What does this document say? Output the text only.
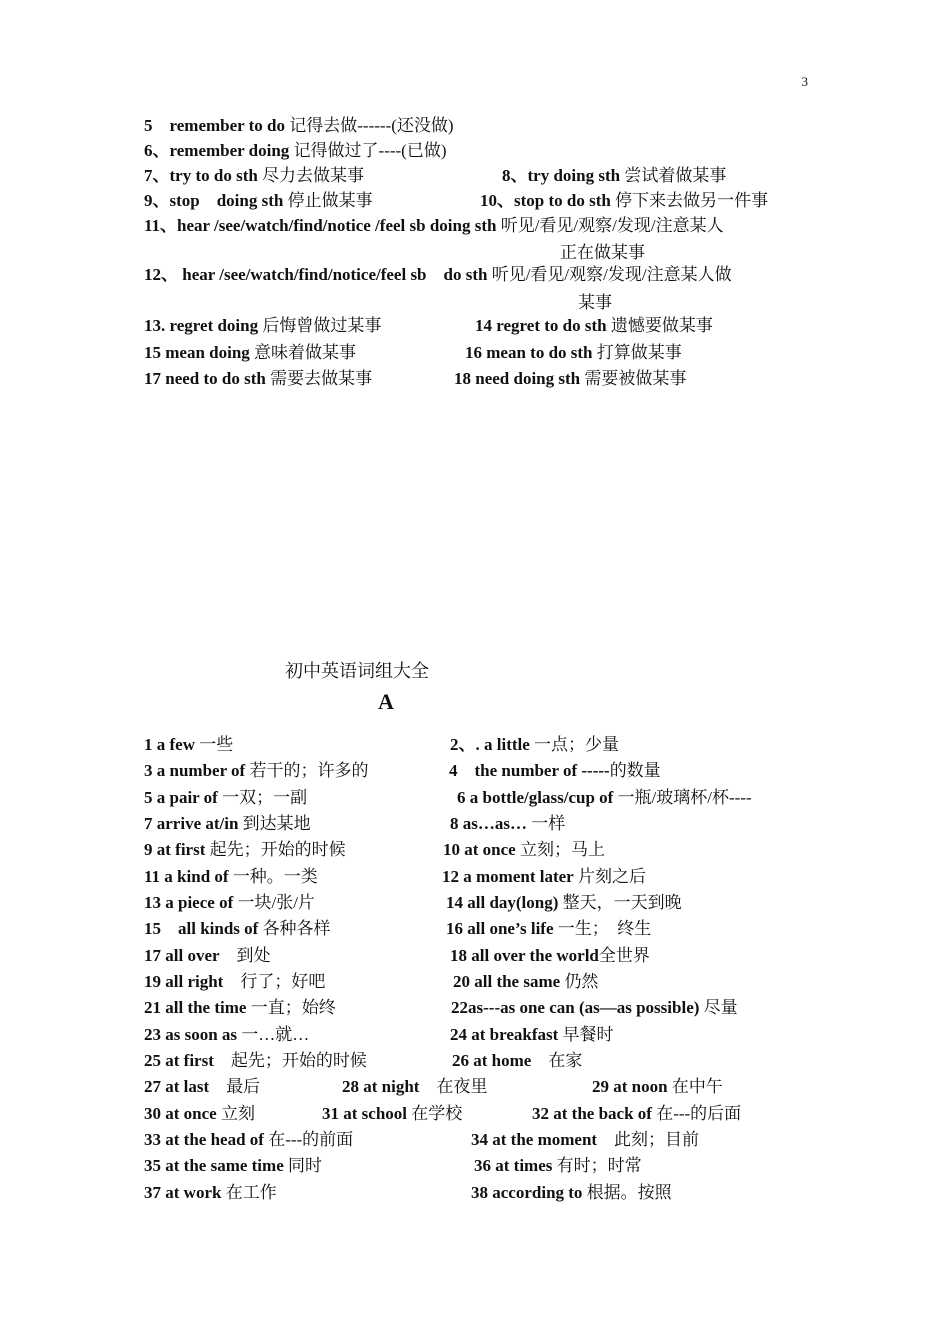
3
5　remember to do 记得去做------(还没做)
6、remember doing 记得做过了----(已做)
7、try to do sth 尽力去做某事	8、try doing sth 尝试着做某事
9、stop　doing sth 停止做某事	10、stop to do sth 停下来去做另一件事
11、hear /see/watch/find/notice /feel sb doing sth 听见/看见/观察/发现/注意某人
正在做某事
12、 hear /see/watch/find/notice/feel sb　do sth 听见/看见/观察/发现/注意某人做
某事
13. regret doing 后悔曾做过某事	14 regret to do sth 遗憾要做某事
15 mean doing 意味着做某事	16 mean to do sth 打算做某事
17 need to do sth 需要去做某事	18 need doing sth 需要被做某事
初中英语词组大全
A
1 a few 一些	2、. a little 一点；少量
3 a number of 若干的；许多的	4　the number of -----的数量
5 a pair of 一双；一副	6 a bottle/glass/cup of 一瓶/玻璃杯/杯----
7 arrive at/in 到达某地	8 as…as… 一样
9 at first 起先；开始的时候	10 at once 立刻；马上
11 a kind of 一种。一类	12 a moment later 片刻之后
13 a piece of 一块/张/片	14 all day(long) 整天，一天到晚
15　all kinds of 各种各样	16 all one’s life 一生；　终生
17 all over　到处	18 all over the world全世界
19 all right　行了；好吧	20 all the same 仍然
21 all the time 一直；始终	22as---as one can (as—as possible) 尽量
23 as soon as 一…就…	24 at breakfast 早餐时
25 at first　起先；开始的时候	26 at home　在家
27 at last　最后	28 at night　在夜里	29 at noon 在中午
30 at once 立刻	31 at school 在学校	32 at the back of 在---的后面
33 at the head of 在---的前面	34 at the moment　此刻；目前
35 at the same time 同时	36 at times 有时；时常
37 at work 在工作	38 according to 根据。按照
